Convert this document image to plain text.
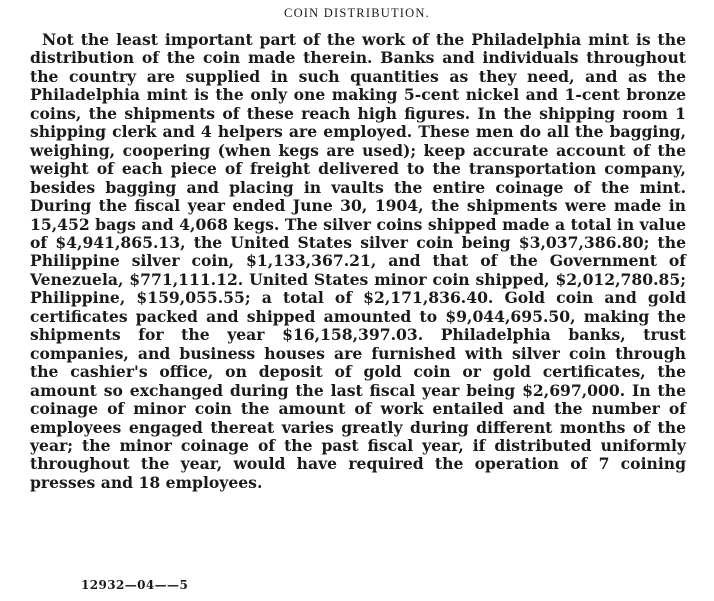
COIN DISTRIBUTION.

Not the least important part of the work of the Philadelphia mint is the distribution of the coin made therein. Banks and individuals throughout the country are supplied in such quantities as they need, and as the Philadelphia mint is the only one making 5-cent nickel and 1-cent bronze coins, the shipments of these reach high figures. In the shipping room 1 shipping clerk and 4 helpers are employed. These men do all the bagging, weighing, coopering (when kegs are used); keep accurate account of the weight of each piece of freight delivered to the transportation company, besides bagging and placing in vaults the entire coinage of the mint. During the fiscal year ended June 30, 1904, the shipments were made in 15,452 bags and 4,068 kegs. The silver coins shipped made a total in value of $4,941,865.13, the United States silver coin being $3,037,386.80; the Philippine silver coin, $1,133,367.21, and that of the Government of Venezuela, $771,111.12. United States minor coin shipped, $2,012,780.85; Philippine, $159,055.55; a total of $2,171,836.40. Gold coin and gold certificates packed and shipped amounted to $9,044,695.50, making the shipments for the year $16,158,397.03. Philadelphia banks, trust companies, and business houses are furnished with silver coin through the cashier's office, on deposit of gold coin or gold certificates, the amount so exchanged during the last fiscal year being $2,697,000. In the coinage of minor coin the amount of work entailed and the number of employees engaged thereat varies greatly during different months of the year; the minor coinage of the past fiscal year, if distributed uniformly throughout the year, would have required the operation of 7 coining presses and 18 employees.

12932—04——5
